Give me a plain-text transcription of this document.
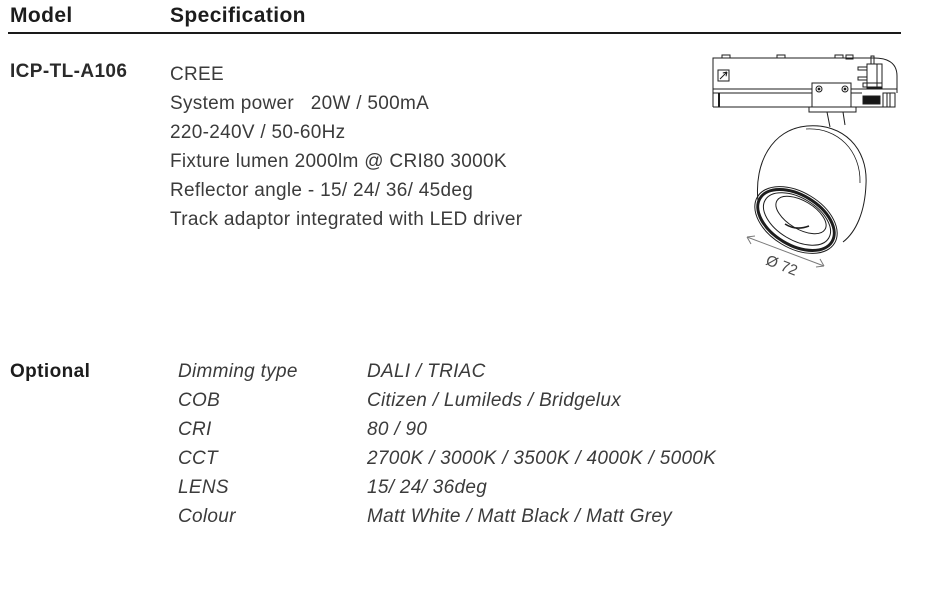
Model	Specification
ICP-TL-A106 CREE
System power   20W / 500mA
220-240V / 50-60Hz
Fixture lumen 2000lm @ CRI80 3000K
Reflector angle - 15/ 24/ 36/ 45deg
Track adaptor integrated with LED driver
Ø 72
Optional	Dimming type	DALI / TRIAC
COB	Citizen / Lumileds / Bridgelux
CRI	80 / 90
CCT	2700K / 3000K / 3500K / 4000K / 5000K
LENS	15/ 24/ 36deg
Colour	Matt White / Matt Black / Matt Grey
